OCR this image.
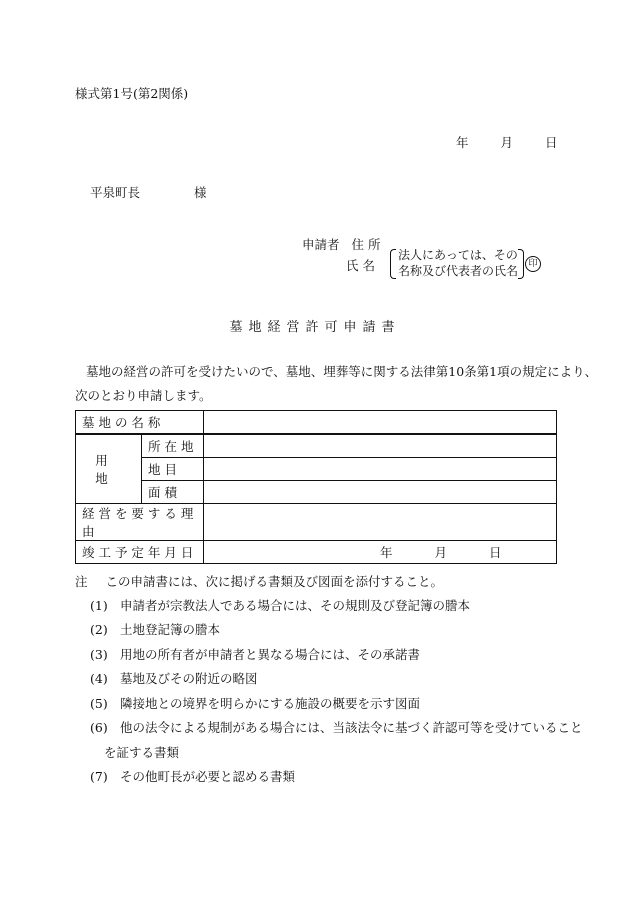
様式第1号(第2関係)
年	月	日
平泉町長	様
申請者 住 所
氏 名
法人にあっては、その
名称及び代表者の氏名	印
墓地経営許可申請書
墓地の経営の許可を受けたいので、墓地、埋葬等に関する法律第10条第1項の規定により、
次のとおり申請します。
墓 地 の 名 称		
用 地	所 在 地	
	地 目	
	面 積	
経 営 を 要 す る 理 由		
竣 工 予 定 年 月 日		年 月 日
注 この申請書には、次に掲げる書類及び図面を添付すること。
(1) 申請者が宗教法人である場合には、その規則及び登記簿の謄本
(2) 土地登記簿の謄本
(3) 用地の所有者が申請者と異なる場合には、その承諾書
(4) 墓地及びその附近の略図
(5) 隣接地との境界を明らかにする施設の概要を示す図面
(6) 他の法令による規制がある場合には、当該法令に基づく許認可等を受けていること
を証する書類
(7) その他町長が必要と認める書類
